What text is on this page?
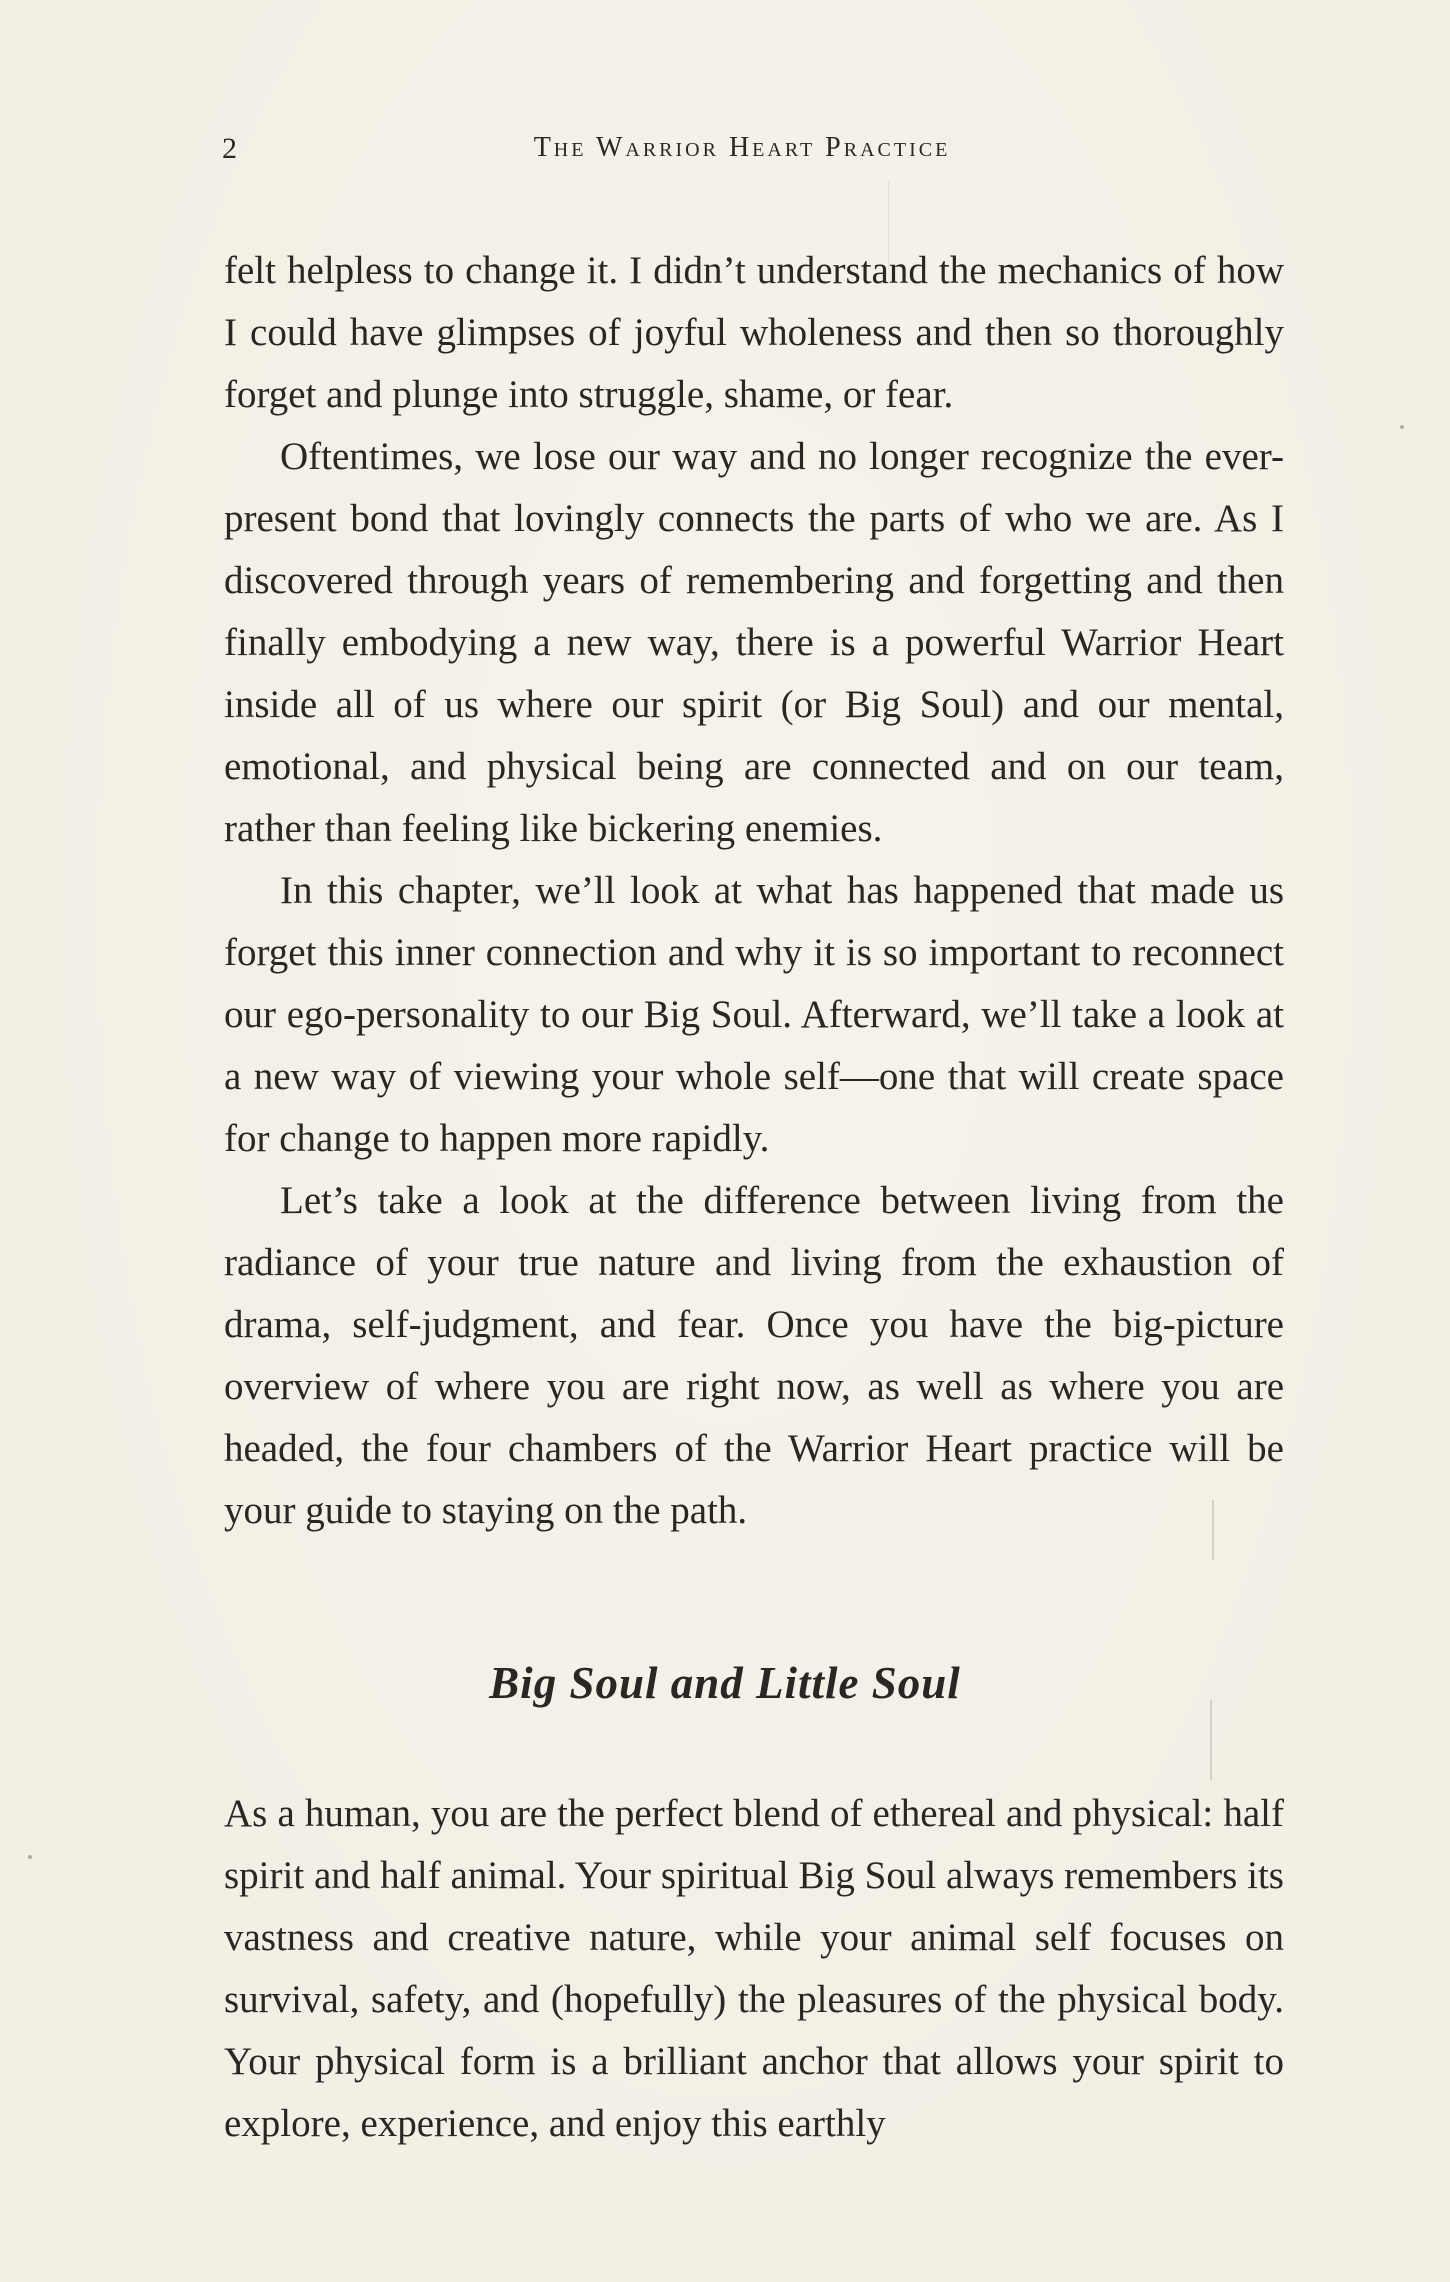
2	The Warrior Heart Practice

felt helpless to change it. I didn’t understand the mechanics of how I could have glimpses of joyful wholeness and then so thoroughly forget and plunge into struggle, shame, or fear.

Oftentimes, we lose our way and no longer recognize the ever-present bond that lovingly connects the parts of who we are. As I discovered through years of remembering and forgetting and then finally embodying a new way, there is a powerful Warrior Heart inside all of us where our spirit (or Big Soul) and our mental, emotional, and physical being are connected and on our team, rather than feeling like bickering enemies.

In this chapter, we’ll look at what has happened that made us forget this inner connection and why it is so important to reconnect our ego-personality to our Big Soul. Afterward, we’ll take a look at a new way of viewing your whole self—one that will create space for change to happen more rapidly.

Let’s take a look at the difference between living from the radiance of your true nature and living from the exhaustion of drama, self-judgment, and fear. Once you have the big-picture overview of where you are right now, as well as where you are headed, the four chambers of the Warrior Heart practice will be your guide to staying on the path.

Big Soul and Little Soul

As a human, you are the perfect blend of ethereal and physical: half spirit and half animal. Your spiritual Big Soul always remembers its vastness and creative nature, while your animal self focuses on survival, safety, and (hopefully) the pleasures of the physical body. Your physical form is a brilliant anchor that allows your spirit to explore, experience, and enjoy this earthly
